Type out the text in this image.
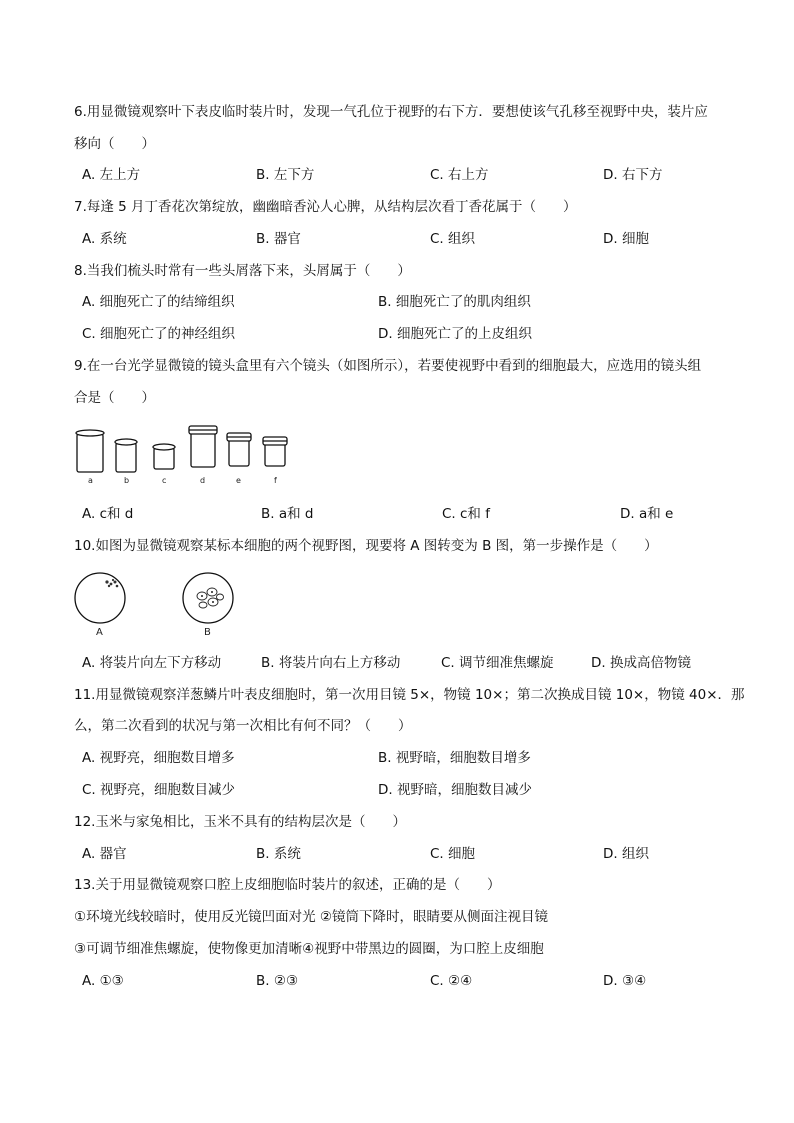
6.用显微镜观察叶下表皮临时装片时，发现一气孔位于视野的右下方．要想使该气孔移至视野中央，装片应
移向（　　）
A. 左上方	B. 左下方	C. 右上方	D. 右下方
7.每逢 5 月丁香花次第绽放，幽幽暗香沁人心脾，从结构层次看丁香花属于（　　）
A. 系统	B. 器官	C. 组织	D. 细胞
8.当我们梳头时常有一些头屑落下来，头屑属于（　　）
A. 细胞死亡了的结缔组织	B. 细胞死亡了的肌肉组织
C. 细胞死亡了的神经组织	D. 细胞死亡了的上皮组织
9.在一台光学显微镜的镜头盒里有六个镜头（如图所示），若要使视野中看到的细胞最大，应选用的镜头组
合是（　　）
a	b	c	d	e	f
A. c和 d	B. a和 d	C. c和 f	D. a和 e
10.如图为显微镜观察某标本细胞的两个视野图，现要将 A 图转变为 B 图，第一步操作是（　　）
A	B
A. 将装片向左下方移动	B. 将装片向右上方移动	C. 调节细准焦螺旋	D. 换成高倍物镜
11.用显微镜观察洋葱鳞片叶表皮细胞时，第一次用目镜 5×，物镜 10×；第二次换成目镜 10×，物镜 40×．那
么，第二次看到的状况与第一次相比有何不同？（　　）
A. 视野亮，细胞数目增多	B. 视野暗，细胞数目增多
C. 视野亮，细胞数目减少	D. 视野暗，细胞数目减少
12.玉米与家兔相比，玉米不具有的结构层次是（　　）
A. 器官	B. 系统	C. 细胞	D. 组织
13.关于用显微镜观察口腔上皮细胞临时装片的叙述，正确的是（　　）
①环境光线较暗时，使用反光镜凹面对光 ②镜筒下降时，眼睛要从侧面注视目镜
③可调节细准焦螺旋，使物像更加清晰④视野中带黑边的圆圈，为口腔上皮细胞
A. ①③	B. ②③	C. ②④	D. ③④
